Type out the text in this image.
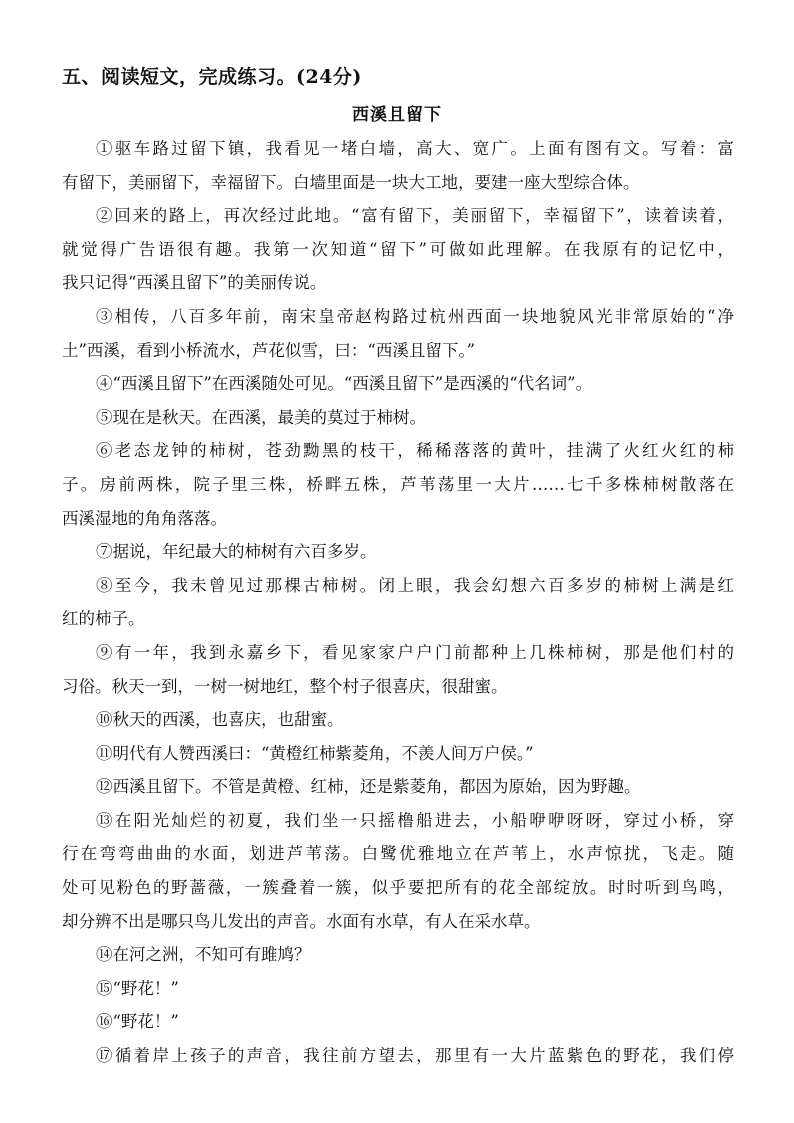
五、阅读短文，完成练习。(24分)
西溪且留下
①驱车路过留下镇，我看见一堵白墙，高大、宽广。上面有图有文。写着：富
有留下，美丽留下，幸福留下。白墙里面是一块大工地，要建一座大型综合体。
②回来的路上，再次经过此地。“富有留下，美丽留下，幸福留下”，读着读着，
就觉得广告语很有趣。我第一次知道“留下”可做如此理解。在我原有的记忆中，
我只记得“西溪且留下”的美丽传说。
③相传，八百多年前，南宋皇帝赵构路过杭州西面一块地貌风光非常原始的“净
土”西溪，看到小桥流水，芦花似雪，曰：“西溪且留下。”
④“西溪且留下”在西溪随处可见。“西溪且留下”是西溪的“代名词”。
⑤现在是秋天。在西溪，最美的莫过于柿树。
⑥老态龙钟的柿树，苍劲黝黑的枝干，稀稀落落的黄叶，挂满了火红火红的柿
子。房前两株，院子里三株，桥畔五株，芦苇荡里一大片……七千多株柿树散落在
西溪湿地的角角落落。
⑦据说，年纪最大的柿树有六百多岁。
⑧至今，我未曾见过那棵古柿树。闭上眼，我会幻想六百多岁的柿树上满是红
红的柿子。
⑨有一年，我到永嘉乡下，看见家家户户门前都种上几株柿树，那是他们村的
习俗。秋天一到，一树一树地红，整个村子很喜庆，很甜蜜。
⑩秋天的西溪，也喜庆，也甜蜜。
⑪明代有人赞西溪曰：“黄橙红柿紫菱角，不羡人间万户侯。”
⑫西溪且留下。不管是黄橙、红柿，还是紫菱角，都因为原始，因为野趣。
⑬在阳光灿烂的初夏，我们坐一只摇橹船进去，小船咿咿呀呀，穿过小桥，穿
行在弯弯曲曲的水面，划进芦苇荡。白鹭优雅地立在芦苇上，水声惊扰，飞走。随
处可见粉色的野蔷薇，一簇叠着一簇，似乎要把所有的花全部绽放。时时听到鸟鸣，
却分辨不出是哪只鸟儿发出的声音。水面有水草，有人在采水草。
⑭在河之洲，不知可有雎鸠？
⑮“野花！”
⑯“野花！”
⑰循着岸上孩子的声音，我往前方望去，那里有一大片蓝紫色的野花，我们停
